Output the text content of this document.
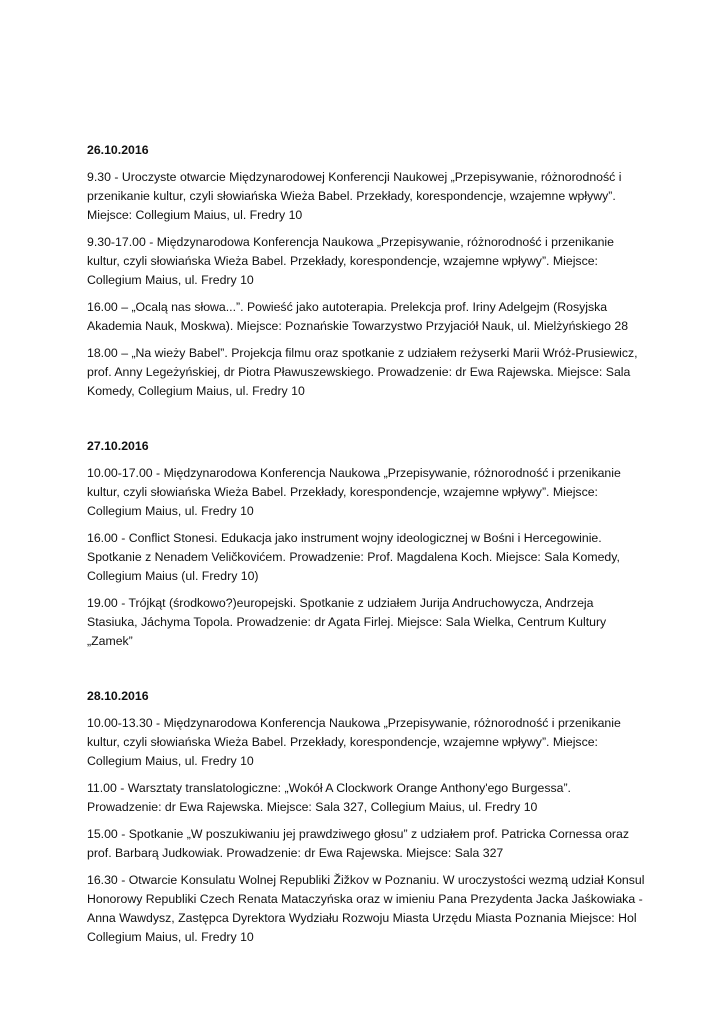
26.10.2016

9.30 - Uroczyste otwarcie Międzynarodowej Konferencji Naukowej „Przepisywanie, różnorodność i przenikanie kultur, czyli słowiańska Wieża Babel. Przekłady, korespondencje, wzajemne wpływy”. Miejsce: Collegium Maius, ul. Fredry 10

9.30-17.00 - Międzynarodowa Konferencja Naukowa „Przepisywanie, różnorodność i przenikanie kultur, czyli słowiańska Wieża Babel. Przekłady, korespondencje, wzajemne wpływy”. Miejsce: Collegium Maius, ul. Fredry 10

16.00 – „Ocalą nas słowa...”. Powieść jako autoterapia. Prelekcja prof. Iriny Adelgejm (Rosyjska Akademia Nauk, Moskwa). Miejsce: Poznańskie Towarzystwo Przyjaciół Nauk, ul. Mielżyńskiego 28

18.00 – „Na wieży Babel”. Projekcja filmu oraz spotkanie z udziałem reżyserki Marii Wróż-Prusiewicz, prof. Anny Legeżyńskiej, dr Piotra Pławuszewskiego. Prowadzenie: dr Ewa Rajewska. Miejsce: Sala Komedy, Collegium Maius, ul. Fredry 10

27.10.2016

10.00-17.00 - Międzynarodowa Konferencja Naukowa „Przepisywanie, różnorodność i przenikanie kultur, czyli słowiańska Wieża Babel. Przekłady, korespondencje, wzajemne wpływy”. Miejsce: Collegium Maius, ul. Fredry 10

16.00 - Conflict Stonesi. Edukacja jako instrument wojny ideologicznej w Bośni i Hercegowinie. Spotkanie z Nenadem Veličkovićem. Prowadzenie: Prof. Magdalena Koch. Miejsce: Sala Komedy, Collegium Maius (ul. Fredry 10)

19.00 - Trójkąt (środkowo?)europejski. Spotkanie z udziałem Jurija Andruchowycza, Andrzeja Stasiuka, Jáchyma Topola. Prowadzenie: dr Agata Firlej. Miejsce: Sala Wielka, Centrum Kultury „Zamek”

28.10.2016

10.00-13.30 - Międzynarodowa Konferencja Naukowa „Przepisywanie, różnorodność i przenikanie kultur, czyli słowiańska Wieża Babel. Przekłady, korespondencje, wzajemne wpływy”. Miejsce: Collegium Maius, ul. Fredry 10

11.00 - Warsztaty translatologiczne: „Wokół A Clockwork Orange Anthony'ego Burgessa”. Prowadzenie: dr Ewa Rajewska. Miejsce: Sala 327, Collegium Maius, ul. Fredry 10

15.00 - Spotkanie „W poszukiwaniu jej prawdziwego głosu” z udziałem prof. Patricka Cornessa oraz prof. Barbarą Judkowiak. Prowadzenie: dr Ewa Rajewska. Miejsce: Sala 327

16.30 - Otwarcie Konsulatu Wolnej Republiki Žižkov w Poznaniu. W uroczystości wezmą udział Konsul Honorowy Republiki Czech Renata Mataczyńska oraz w imieniu Pana Prezydenta Jacka Jaśkowiaka - Anna Wawdysz, Zastępca Dyrektora Wydziału Rozwoju Miasta Urzędu Miasta Poznania Miejsce: Hol Collegium Maius, ul. Fredry 10
